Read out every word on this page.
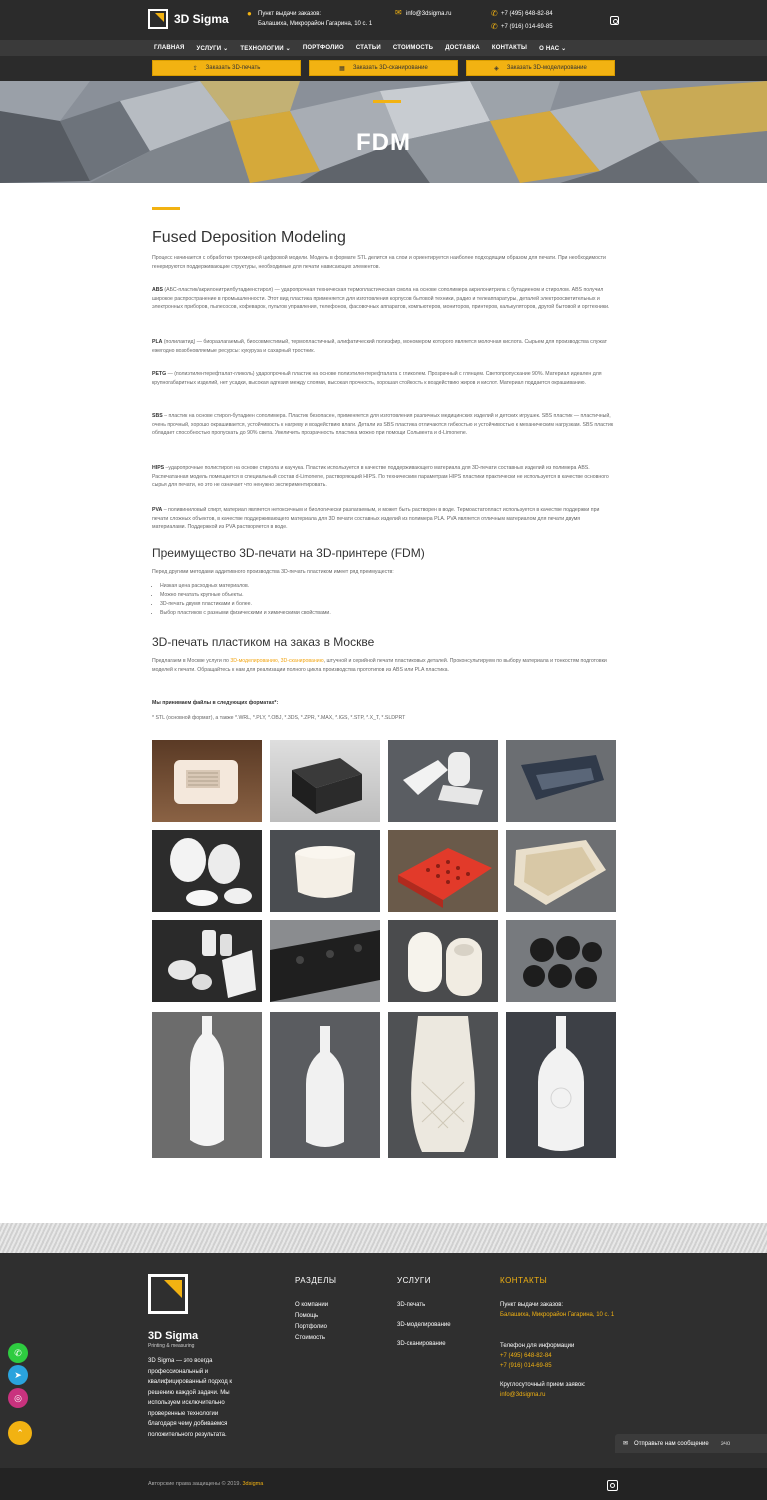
3D Sigma ● Пункт выдачи заказов:
Балашиха, Микрорайон Гагарина, 10 с. 1
✉ info@3dsigma.ru	✆ +7 (495) 648-82-84
✆ +7 (916) 014-69-85
ГЛАВНАЯ УСЛУГИ ⌄ ТЕХНОЛОГИИ ⌄ ПОРТФОЛИО СТАТЬИ СТОИМОСТЬ ДОСТАВКА КОНТАКТЫ О НАС ⌄
⇪ Заказать 3D-печать	▦ Заказать 3D-сканирование	◈ Заказать 3D-моделирование
FDM
Fused Deposition Modeling

Процесс начинается с обработки трехмерной цифровой модели. Модель в формате STL делится на слои и ориентируется наиболее подходящим образом для печати. При необходимости генерируются поддерживающие структуры, необходимые для печати нависающих элементов.

ABS (АБС-пластик/акрилонитрилбутадиенстирол) — ударопрочная техническая термопластическая смола на основе сополимера акрилонитрила с бутадиеном и стиролом. ABS получил широкое распространение в промышленности. Этот вид пластика применяется для изготовления корпусов бытовой техники, радио и телеаппаратуры, деталей электроосветительных и электронных приборов, пылесосов, кофеварок, пультов управления, телефонов, фасовочных аппаратов, компьютеров, мониторов, принтеров, калькуляторов, другой бытовой и оргтехники.

PLA (полилактид) — биоразлагаемый, биосовместимый, термопластичный, алифатический полиэфир, мономером которого является молочная кислота. Сырьем для производства служат ежегодно возобновляемые ресурсы: кукуруза и сахарный тростник.

PETG — (полиэтилентерефталат-гликоль) ударопрочный пластик на основе полиэтилентерефталата с гликолем. Прозрачный с глянцем. Светопропускание 90%. Материал идеален для крупногабаритных изделий, нет усадки, высокая адгезия между слоями, высокая прочность, хорошая стойкость к воздействию жиров и кислот. Материал поддается окрашиванию.

SBS – пластик на основе стирол-бутадиен сополимера. Пластик безопасен, применяется для изготовления различных медицинских изделий и детских игрушек. SBS пластик — пластичный, очень прочный, хорошо окрашивается, устойчивость к нагреву и воздействию влаги. Детали из SBS пластика отличаются гибкостью и устойчивостью к механическим нагрузкам. SBS пластик обладает способностью пропускать до 90% света. Увеличить прозрачность пластика можно при помощи Сольвента и d-Limonene.

HIPS –ударопрочные полистирол на основе стирола и каучука. Пластик используется в качестве поддерживающего материала для 3D-печати составных изделий из полимера ABS. Распечатанная модель помещается в специальный состав d-Limonene, растворяющий HIPS. По техническим параметрам HIPS пластики практически не используется в качестве основного сырья для печати, но это не означает что ненужно экспериментировать.

PVA – поливиниловый спирт, материал является нетоксичным и биологически разлагаемым, и может быть растворен в воде. Термоастатопласт используется в качестве поддержки при печати сложных объектов, в качестве поддерживающего материала для 3D печати составных изделий из полимера PLA. PVA является отличным материалом для печати двумя материалами. Поддержкой из PVA растворяется в воде.

Преимущество 3D-печати на 3D-принтере (FDM)

Перед другими методами аддитивного производства 3D-печать пластиком имеет ряд преимуществ:

• Низкая цена расходных материалов.
• Можно печатать крупные объекты.
• 3D-печать двумя пластиками и более.
• Выбор пластиков с разными физическими и химическими свойствами.
3D-печать пластиком на заказ в Москве

Предлагаем в Москве услуги по 3D-моделированию, 3D-сканированию, штучной и серийной печати пластиковых деталей. Проконсультируем по выбору материала и тонкостям подготовки моделей к печати. Обращайтесь к нам для реализации полного цикла производства прототипов из ABS или PLA пластика.

Мы принимаем файлы в следующих форматах*:

* STL (основной формат), а также *.WRL, *.PLY, *.OBJ, *.3DS, *.ZPR, *.MAX, *.IGS, *.STP, *.X_T, *.SLDPRT

3D Sigma
Printing & measuring
3D Sigma — это всегда профессиональный и квалифицированный подход к решению каждой задачи. Мы используем исключительно проверенные технологии благодаря чему добиваемся положительного результата.
РАЗДЕЛЫ
О компании
Помощь
Портфолио
Стоимость
УСЛУГИ
3D-печать
3D-моделирование
3D-сканирование
КОНТАКТЫ
Пункт выдачи заказов:
Балашиха, Микрорайон Гагарина, 10 с. 1
Телефон для информации
+7 (495) 648-82-84
+7 (916) 014-69-85
Круглосуточный прием заявок:
info@3dsigma.ru
Авторские права защищены © 2019. 3dsigma
✆
➤
◎
⌃
✉ Отправьте нам сообщение эчо
